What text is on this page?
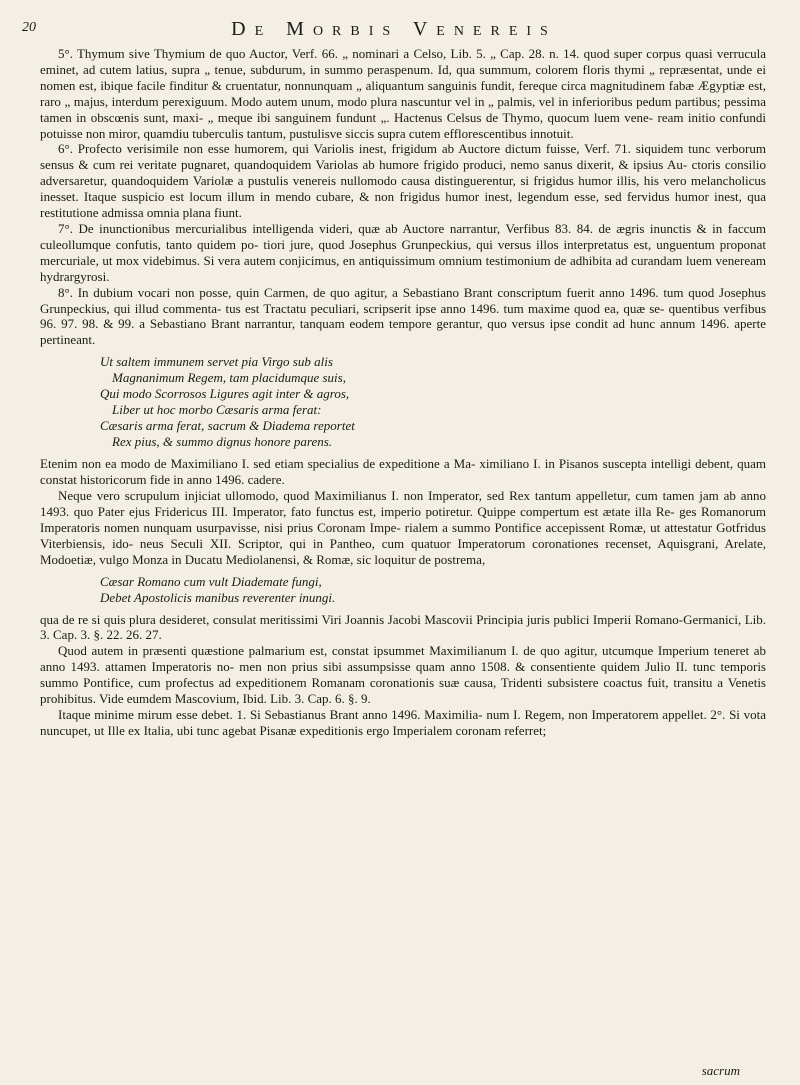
20	De Morbis Venereis

5°. Thymum sive Thymium de quo Auctor, Verf. 66. „ nominari a Celso, Lib. 5. „ Cap. 28. n. 14. quod super corpus quasi verrucula eminet, ad cutem latius, supra „ tenue, subdurum, in summo peraspenum. Id, qua summum, colorem floris thymi „ repræsentat, unde ei nomen est, ibique facile finditur & cruentatur, nonnunquam „ aliquantum sanguinis fundit, fereque circa magnitudinem fabæ Ægyptiæ est, raro „ majus, interdum perexiguum. Modo autem unum, modo plura nascuntur vel in „ palmis, vel in inferioribus pedum partibus; pessima tamen in obscœnis sunt, maxi- „ meque ibi sanguinem fundunt „. Hactenus Celsus de Thymo, quocum luem vene- ream initio confundi potuisse non miror, quamdiu tuberculis tantum, pustulisve siccis supra cutem efflorescentibus innotuit.

6°. Profecto verisimile non esse humorem, qui Variolis inest, frigidum ab Auctore dictum fuisse, Verf. 71. siquidem tunc verborum sensus & cum rei veritate pugnaret, quandoquidem Variolas ab humore frigido produci, nemo sanus dixerit, & ipsius Au- ctoris consilio adversaretur, quandoquidem Variolæ a pustulis venereis nullomodo causa distinguerentur, si frigidus humor illis, his vero melancholicus inesset. Itaque suspicio est locum illum in mendo cubare, & non frigidus humor inest, legendum esse, sed fervidus humor inest, qua restitutione admissa omnia plana fiunt.

7°. De inunctionibus mercurialibus intelligenda videri, quæ ab Auctore narrantur, Verfibus 83. 84. de ægris inunctis & in faccum culeollumque confutis, tanto quidem po- tiori jure, quod Josephus Grunpeckius, qui versus illos interpretatus est, unguentum proponat mercuriale, ut mox videbimus. Si vera autem conjicimus, en antiquissimum omnium testimonium de adhibita ad curandam luem veneream hydrargyrosi.

8°. In dubium vocari non posse, quin Carmen, de quo agitur, a Sebastiano Brant conscriptum fuerit anno 1496. tum quod Josephus Grunpeckius, qui illud commenta- tus est Tractatu peculiari, scripserit ipse anno 1496. tum maxime quod ea, quæ se- quentibus verfibus 96. 97. 98. & 99. a Sebastiano Brant narrantur, tanquam eodem tempore gerantur, quo versus ipse condit ad hunc annum 1496. aperte pertineant.

Ut saltem immunem servet pia Virgo sub alis
Magnanimum Regem, tam placidumque suis,
Qui modo Scorrosos Ligures agit inter & agros,
Liber ut hoc morbo Cæsaris arma ferat:
Cæsaris arma ferat, sacrum & Diadema reportet
Rex pius, & summo dignus honore parens.

Etenim non ea modo de Maximiliano I. sed etiam specialius de expeditione a Ma- ximiliano I. in Pisanos suscepta intelligi debent, quam constat historicorum fide in anno 1496. cadere.

Neque vero scrupulum injiciat ullomodo, quod Maximilianus I. non Imperator, sed Rex tantum appelletur, cum tamen jam ab anno 1493. quo Pater ejus Fridericus III. Imperator, fato functus est, imperio potiretur. Quippe compertum est ætate illa Re- ges Romanorum Imperatoris nomen nunquam usurpavisse, nisi prius Coronam Impe- rialem a summo Pontifice accepissent Romæ, ut attestatur Gotfridus Viterbiensis, ido- neus Seculi XII. Scriptor, qui in Pantheo, cum quatuor Imperatorum coronationes recenset, Aquisgrani, Arelate, Modoetiæ, vulgo Monza in Ducatu Mediolanensi, & Romæ, sic loquitur de postrema,

Cæsar Romano cum vult Diademate fungi,
Debet Apostolicis manibus reverenter inungi.

qua de re si quis plura desideret, consulat meritissimi Viri Joannis Jacobi Mascovii Principia juris publici Imperii Romano-Germanici, Lib. 3. Cap. 3. §. 22. 26. 27.

Quod autem in præsenti quæstione palmarium est, constat ipsummet Maximilianum I. de quo agitur, utcumque Imperium teneret ab anno 1493. attamen Imperatoris no- men non prius sibi assumpsisse quam anno 1508. & consentiente quidem Julio II. tunc temporis summo Pontifice, cum profectus ad expeditionem Romanam coronationis suæ causa, Tridenti subsistere coactus fuit, transitu a Venetis prohibitus. Vide eumdem Mascovium, Ibid. Lib. 3. Cap. 6. §. 9.

Itaque minime mirum esse debet. 1. Si Sebastianus Brant anno 1496. Maximilia- num I. Regem, non Imperatorem appellet. 2°. Si vota nuncupet, ut Ille ex Italia, ubi tunc agebat Pisanæ expeditionis ergo Imperialem coronam referret;

sacrum
